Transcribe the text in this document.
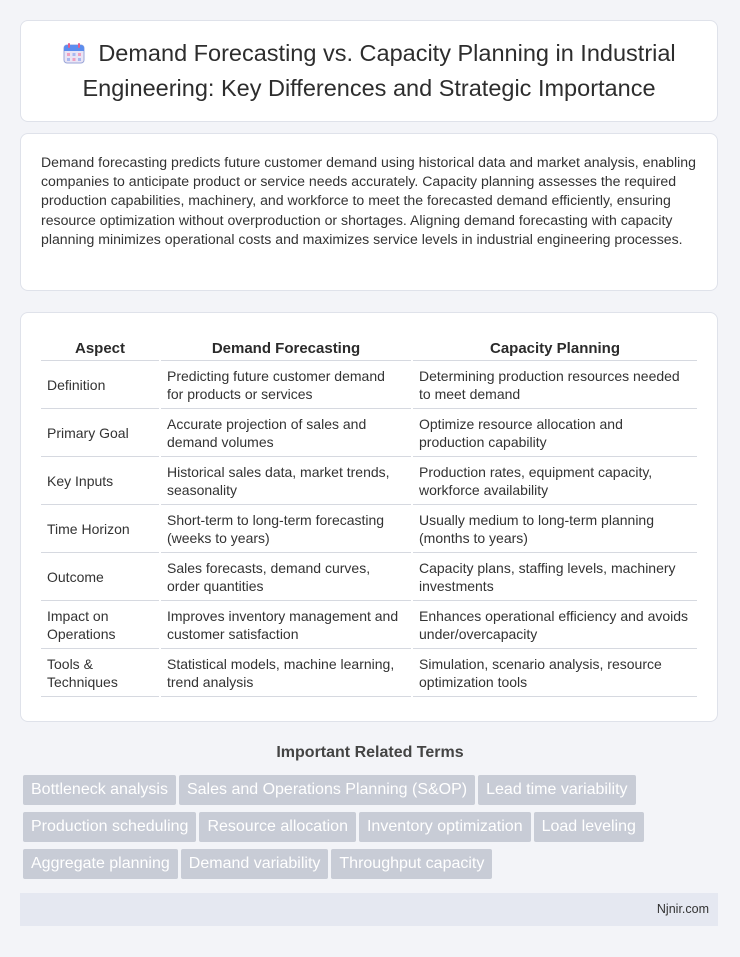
Demand Forecasting vs. Capacity Planning in Industrial Engineering: Key Differences and Strategic Importance

Demand forecasting predicts future customer demand using historical data and market analysis, enabling companies to anticipate product or service needs accurately. Capacity planning assesses the required production capabilities, machinery, and workforce to meet the forecasted demand efficiently, ensuring resource optimization without overproduction or shortages. Aligning demand forecasting with capacity planning minimizes operational costs and maximizes service levels in industrial engineering processes.

Aspect	Demand Forecasting	Capacity Planning
Definition	Predicting future customer demand for products or services	Determining production resources needed to meet demand
Primary Goal	Accurate projection of sales and demand volumes	Optimize resource allocation and production capability
Key Inputs	Historical sales data, market trends, seasonality	Production rates, equipment capacity, workforce availability
Time Horizon	Short-term to long-term forecasting (weeks to years)	Usually medium to long-term planning (months to years)
Outcome	Sales forecasts, demand curves, order quantities	Capacity plans, staffing levels, machinery investments
Impact on Operations	Improves inventory management and customer satisfaction	Enhances operational efficiency and avoids under/overcapacity
Tools & Techniques	Statistical models, machine learning, trend analysis	Simulation, scenario analysis, resource optimization tools
Important Related Terms
Bottleneck analysis Sales and Operations Planning (S&OP) Lead time variability
Production scheduling Resource allocation Inventory optimization Load leveling
Aggregate planning Demand variability Throughput capacity
Njnir.com
